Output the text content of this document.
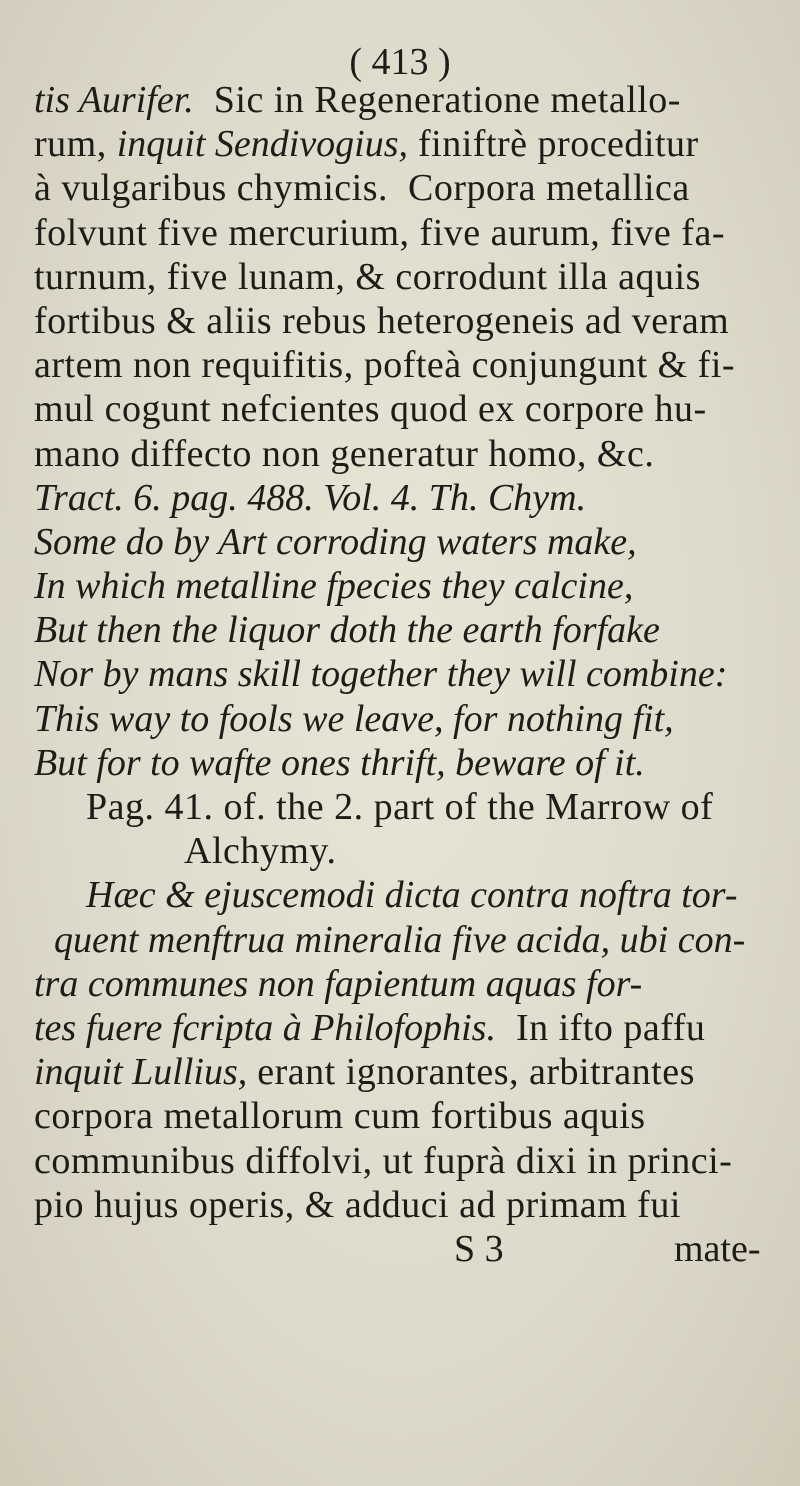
( 413 )
tis Aurifer.  Sic in Regeneratione metallo-
rum, inquit Sendivogius, finiftrè proceditur
à vulgaribus chymicis.  Corpora metallica
folvunt five mercurium, five aurum, five fa-
turnum, five lunam, & corrodunt illa aquis
fortibus & aliis rebus heterogeneis ad veram
artem non requifitis, pofteà conjungunt & fi-
mul cogunt nefcientes quod ex corpore hu-
mano diffecto non generatur homo, &c.
Tract. 6. pag. 488. Vol. 4. Th. Chym.
Some do by Art corroding waters make,
In which metalline fpecies they calcine,
But then the liquor doth the earth forfake
Nor by mans skill together they will combine:
This way to fools we leave, for nothing fit,
But for to wafte ones thrift, beware of it.
Pag. 41. of. the 2. part of the Marrow of
Alchymy.
Hæc & ejuscemodi dicta contra noftra tor-
quent menftrua mineralia five acida, ubi con-
tra communes non fapientum aquas for-
tes fuere fcripta à Philofophis.  In ifto paffu
inquit Lullius, erant ignorantes, arbitrantes
corpora metallorum cum fortibus aquis
communibus diffolvi, ut fuprà dixi in princi-
pio hujus operis, & adduci ad primam fui
S 3	mate-
